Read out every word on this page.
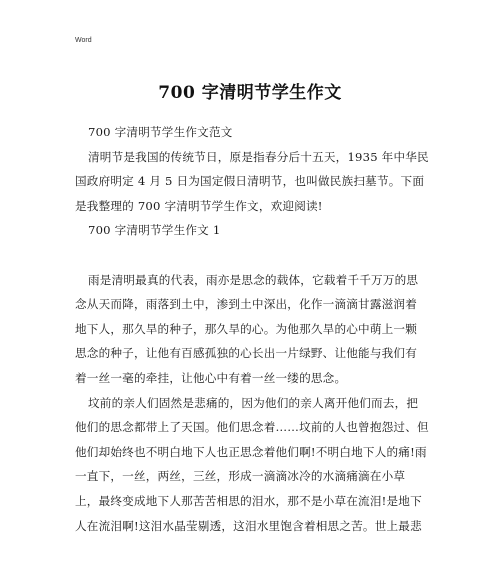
Word
700 字清明节学生作文
700 字清明节学生作文范文
清明节是我国的传统节日，原是指春分后十五天，1935 年中华民
国政府明定 4 月 5 日为国定假日清明节，也叫做民族扫墓节。下面
是我整理的 700 字清明节学生作文，欢迎阅读!
700 字清明节学生作文 1
雨是清明最真的代表，雨亦是思念的载体，它载着千千万万的思
念从天而降，雨落到土中，渗到土中深出，化作一滴滴甘露滋润着
地下人，那久旱的种子，那久旱的心。为他那久旱的心中萌上一颗
思念的种子，让他有百感孤独的心长出一片绿野、让他能与我们有
着一丝一毫的牵挂，让他心中有着一丝一缕的思念。
坟前的亲人们固然是悲痛的，因为他们的亲人离开他们而去，把
他们的思念都带上了天国。他们思念着……坟前的人也曾抱怨过、但
他们却始终也不明白地下人也正思念着他们啊!不明白地下人的痛!雨
一直下，一丝，两丝，三丝，形成一滴滴冰冷的水滴痛滴在小草
上，最终变成地下人那苦苦相思的泪水，那不是小草在流泪!是地下
人在流泪啊!这泪水晶莹剔透，这泪水里饱含着相思之苦。世上最悲
